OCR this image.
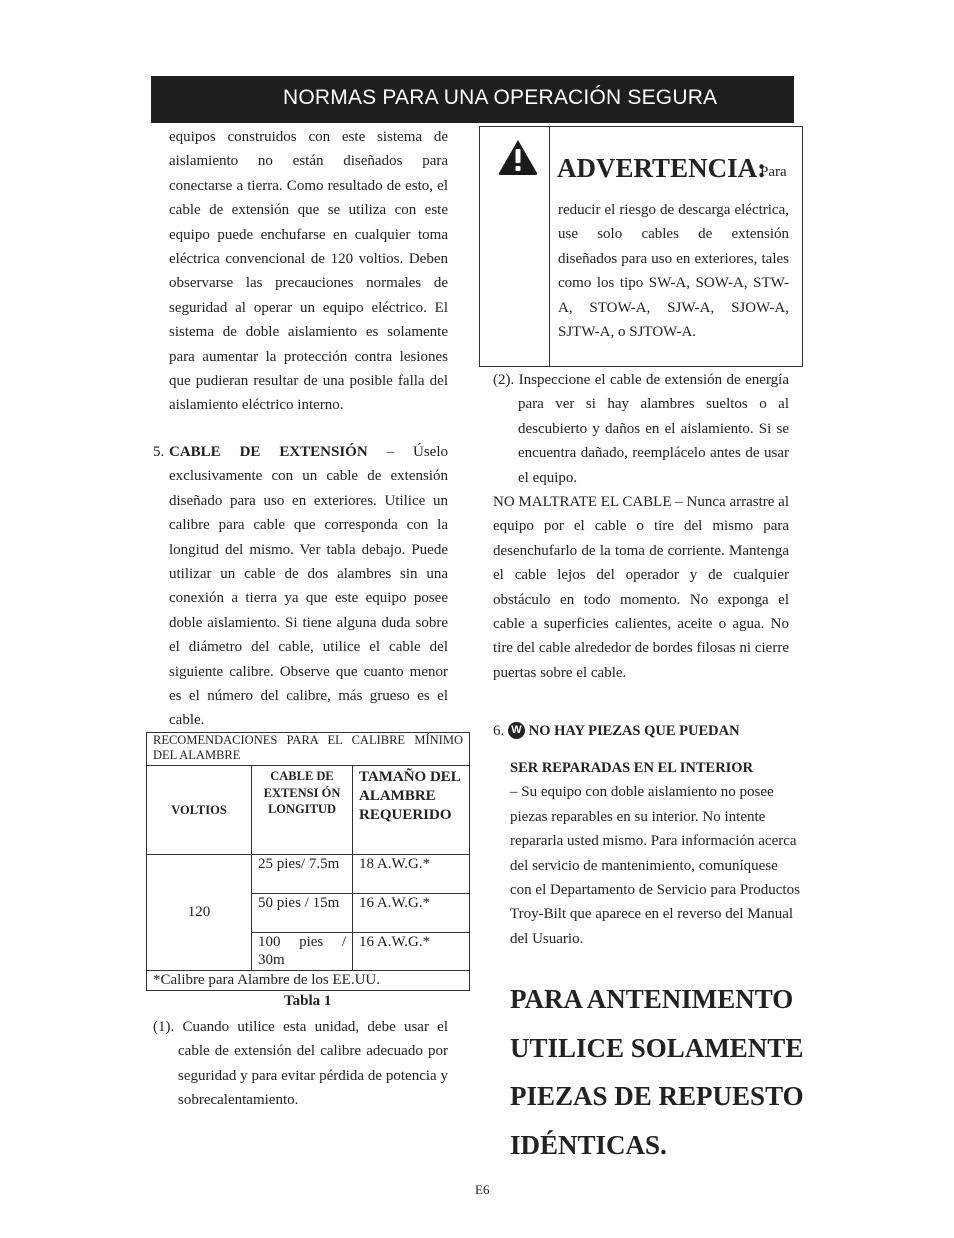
NORMAS PARA UNA OPERACIÓN SEGURA
equipos construidos con este sistema de aislamiento no están diseñados para conectarse a tierra. Como resultado de esto, el cable de extensión que se utiliza con este equipo puede enchufarse en cualquier toma eléctrica convencional de 120 voltios. Deben observarse las precauciones normales de seguridad al operar un equipo eléctrico. El sistema de doble aislamiento es solamente para aumentar la protección contra lesiones que pudieran resultar de una posible falla del aislamiento eléctrico interno.
5. CABLE DE EXTENSIÓN – Úselo exclusivamente con un cable de extensión diseñado para uso en exteriores. Utilice un calibre para cable que corresponda con la longitud del mismo. Ver tabla debajo. Puede utilizar un cable de dos alambres sin una conexión a tierra ya que este equipo posee doble aislamiento. Si tiene alguna duda sobre el diámetro del cable, utilice el cable del siguiente calibre. Observe que cuanto menor es el número del calibre, más grueso es el cable.
RECOMENDACIONES PARA EL CALIBRE MÍNIMO DEL ALAMBRE		
VOLTIOS	CABLE DE EXTENSI ÓN LONGITUD	TAMAÑO DEL ALAMBRE REQUERIDO
120	25 pies/ 7.5m	18 A.W.G.*
	50 pies / 15m	16 A.W.G.*
	100 pies / 30m	16 A.W.G.*
*Calibre para Alambre de los EE.UU.		
Tabla 1
(1). Cuando utilice esta unidad, debe usar el cable de extensión del calibre adecuado por seguridad y para evitar pérdida de potencia y sobrecalentamiento.
ADVERTENCIA:
Para
reducir el riesgo de descarga eléctrica, use solo cables de extensión diseñados para uso en exteriores, tales como los tipo SW-A, SOW-A, STW-A, STOW-A, SJW-A, SJOW-A, SJTW-A, o SJTOW-A.
(2). Inspeccione el cable de extensión de energía para ver si hay alambres sueltos o al descubierto y daños en el aislamiento. Si se encuentra dañado, reemplácelo antes de usar el equipo.
NO MALTRATE EL CABLE – Nunca arrastre al equipo por el cable o tire del mismo para desenchufarlo de la toma de corriente. Mantenga el cable lejos del operador y de cualquier obstáculo en todo momento. No exponga el cable a superficies calientes, aceite o agua. No tire del cable alrededor de bordes filosas ni cierre puertas sobre el cable.
6. W NO HAY PIEZAS QUE PUEDAN
SER REPARADAS EN EL INTERIOR
– Su equipo con doble aislamiento no posee piezas reparables en su interior. No intente repararla usted mismo. Para información acerca del servicio de mantenimiento, comuníquese con el Departamento de Servicio para Productos Troy-Bilt que aparece en el reverso del Manual del Usuario.
PARA ANTENIMENTO UTILICE SOLAMENTE PIEZAS DE REPUESTO IDÉNTICAS.
E6
